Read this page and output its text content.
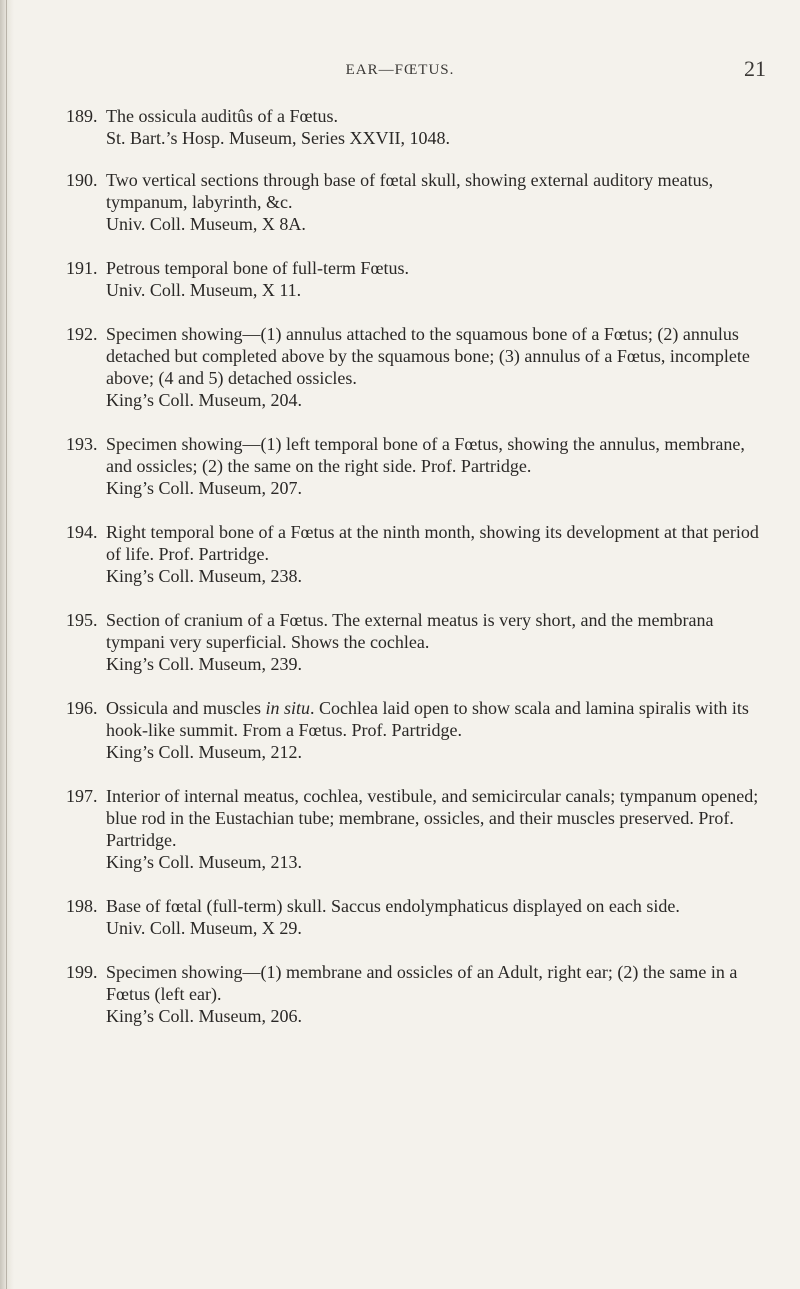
EAR—FŒTUS.	21
189. The ossicula auditûs of a Fœtus.
St. Bart.’s Hosp. Museum, Series XXVII, 1048.
190. Two vertical sections through base of fœtal skull, showing external auditory meatus, tympanum, labyrinth, &c.
Univ. Coll. Museum, X 8A.
191. Petrous temporal bone of full-term Fœtus.
Univ. Coll. Museum, X 11.
192. Specimen showing—(1) annulus attached to the squamous bone of a Fœtus; (2) annulus detached but completed above by the squamous bone; (3) annulus of a Fœtus, incomplete above; (4 and 5) detached ossicles.
King’s Coll. Museum, 204.
193. Specimen showing—(1) left temporal bone of a Fœtus, showing the annulus, membrane, and ossicles; (2) the same on the right side. Prof. Partridge.
King’s Coll. Museum, 207.
194. Right temporal bone of a Fœtus at the ninth month, showing its development at that period of life. Prof. Partridge.
King’s Coll. Museum, 238.
195. Section of cranium of a Fœtus. The external meatus is very short, and the membrana tympani very superficial. Shows the cochlea.
King’s Coll. Museum, 239.
196. Ossicula and muscles in situ. Cochlea laid open to show scala and lamina spiralis with its hook-like summit. From a Fœtus. Prof. Partridge.
King’s Coll. Museum, 212.
197. Interior of internal meatus, cochlea, vestibule, and semicircular canals; tympanum opened; blue rod in the Eustachian tube; membrane, ossicles, and their muscles preserved. Prof. Partridge.
King’s Coll. Museum, 213.
198. Base of fœtal (full-term) skull. Saccus endolymphaticus displayed on each side.
Univ. Coll. Museum, X 29.
199. Specimen showing—(1) membrane and ossicles of an Adult, right ear; (2) the same in a Fœtus (left ear).
King’s Coll. Museum, 206.
